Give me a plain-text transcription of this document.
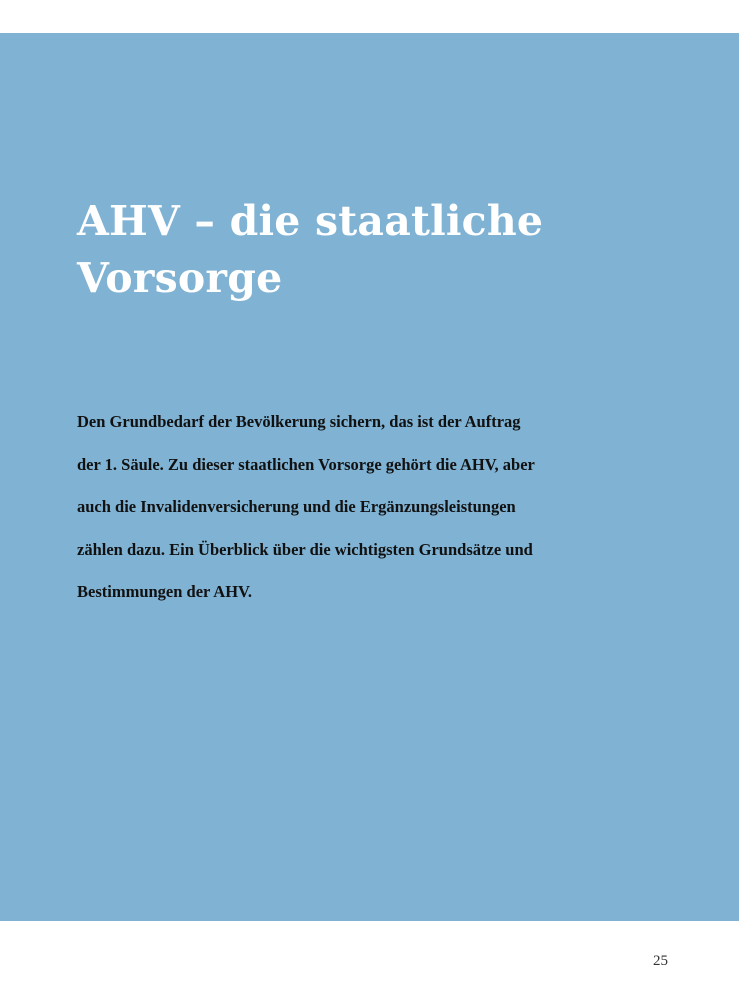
AHV – die staatliche
Vorsorge

Den Grundbedarf der Bevölkerung sichern, das ist der Auftrag
der 1. Säule. Zu dieser staatlichen Vorsorge gehört die AHV, aber
auch die Invalidenversicherung und die Ergänzungsleistungen
zählen dazu. Ein Überblick über die wichtigsten Grundsätze und
Bestimmungen der AHV.

25
